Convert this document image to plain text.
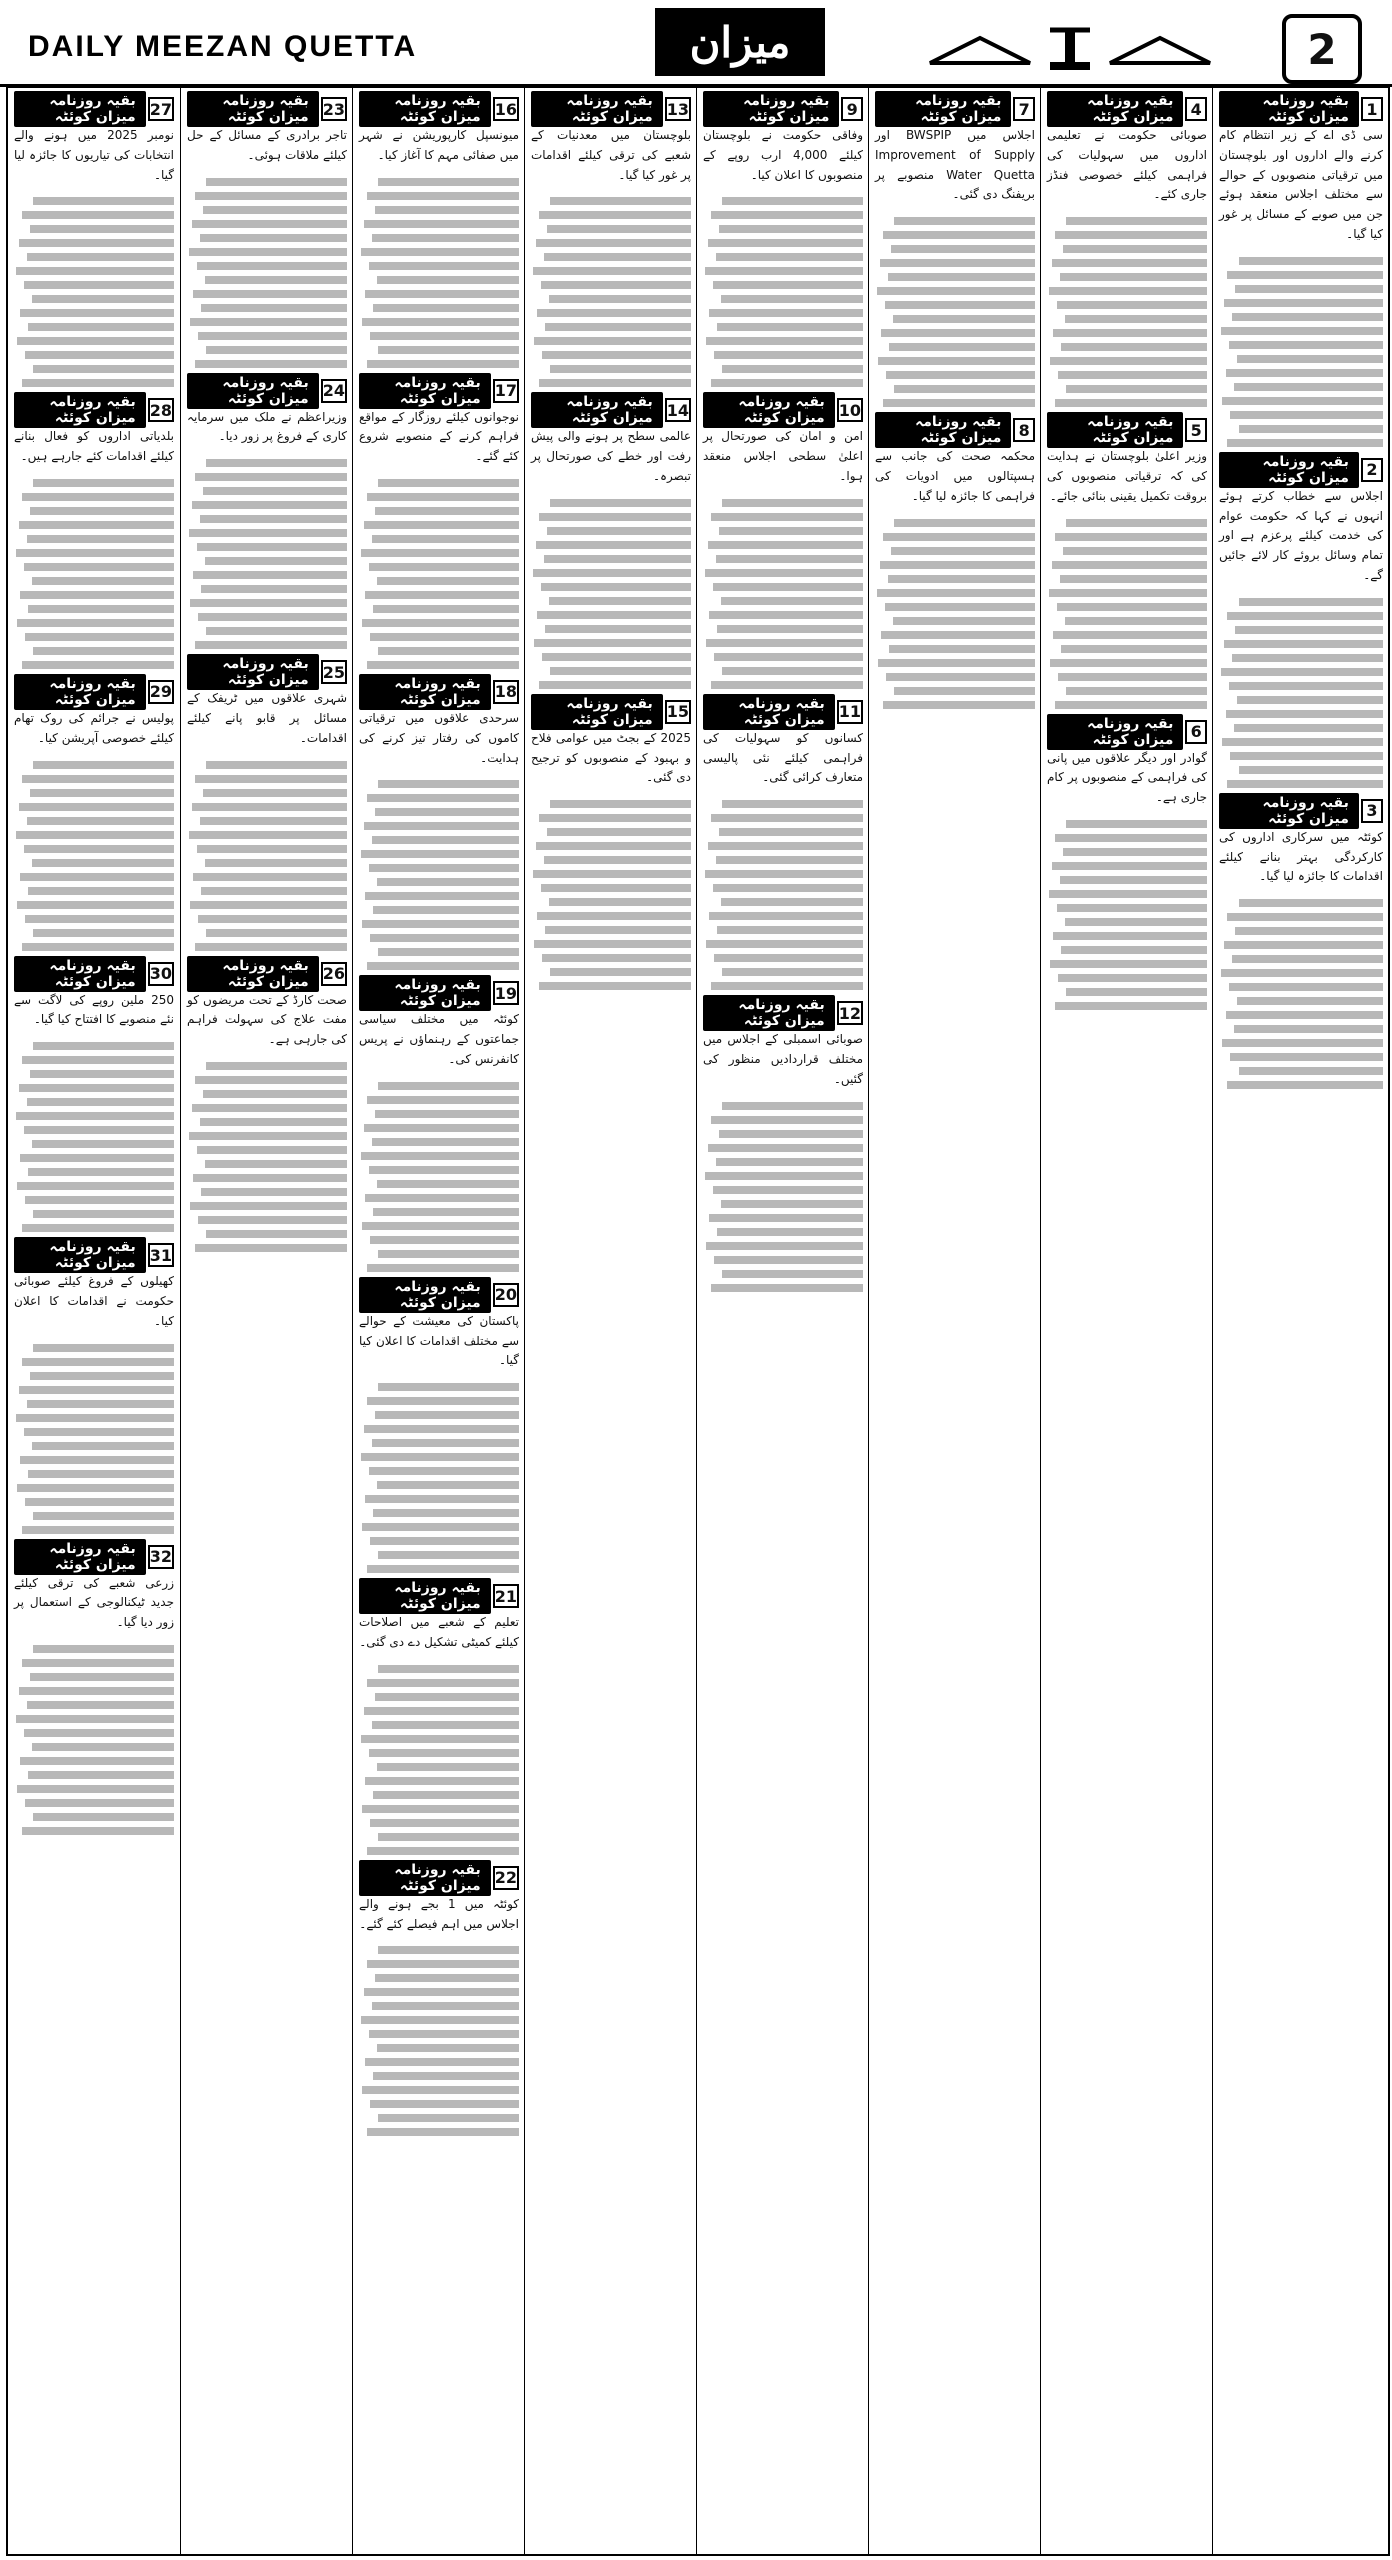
DAILY MEEZAN QUETTA	میزان	2
27
بقیہ روزنامہ میزان کوئٹہ
نومبر 2025 میں ہونے والے انتخابات کی تیاریوں کا جائزہ لیا گیا۔
28
بقیہ روزنامہ میزان کوئٹہ
بلدیاتی اداروں کو فعال بنانے کیلئے اقدامات کئے جارہے ہیں۔
29
بقیہ روزنامہ میزان کوئٹہ
پولیس نے جرائم کی روک تھام کیلئے خصوصی آپریشن کیا۔
30
بقیہ روزنامہ میزان کوئٹہ
250 ملین روپے کی لاگت سے نئے منصوبے کا افتتاح کیا گیا۔
31
بقیہ روزنامہ میزان کوئٹہ
کھیلوں کے فروغ کیلئے صوبائی حکومت نے اقدامات کا اعلان کیا۔
32
بقیہ روزنامہ میزان کوئٹہ
زرعی شعبے کی ترقی کیلئے جدید ٹیکنالوجی کے استعمال پر زور دیا گیا۔
23
بقیہ روزنامہ میزان کوئٹہ
تاجر برادری کے مسائل کے حل کیلئے ملاقات ہوئی۔
24
بقیہ روزنامہ میزان کوئٹہ
وزیراعظم نے ملک میں سرمایہ کاری کے فروغ پر زور دیا۔
25
بقیہ روزنامہ میزان کوئٹہ
شہری علاقوں میں ٹریفک کے مسائل پر قابو پانے کیلئے اقدامات۔
26
بقیہ روزنامہ میزان کوئٹہ
صحت کارڈ کے تحت مریضوں کو مفت علاج کی سہولت فراہم کی جارہی ہے۔
16
بقیہ روزنامہ میزان کوئٹہ
میونسپل کارپوریشن نے شہر میں صفائی مہم کا آغاز کیا۔
17
بقیہ روزنامہ میزان کوئٹہ
نوجوانوں کیلئے روزگار کے مواقع فراہم کرنے کے منصوبے شروع کئے گئے۔
18
بقیہ روزنامہ میزان کوئٹہ
سرحدی علاقوں میں ترقیاتی کاموں کی رفتار تیز کرنے کی ہدایت۔
19
بقیہ روزنامہ میزان کوئٹہ
کوئٹہ میں مختلف سیاسی جماعتوں کے رہنماؤں نے پریس کانفرنس کی۔
20
بقیہ روزنامہ میزان کوئٹہ
پاکستان کی معیشت کے حوالے سے مختلف اقدامات کا اعلان کیا گیا۔
21
بقیہ روزنامہ میزان کوئٹہ
تعلیم کے شعبے میں اصلاحات کیلئے کمیٹی تشکیل دے دی گئی۔
22
بقیہ روزنامہ میزان کوئٹہ
کوئٹہ میں 1 بجے ہونے والے اجلاس میں اہم فیصلے کئے گئے۔
13
بقیہ روزنامہ میزان کوئٹہ
بلوچستان میں معدنیات کے شعبے کی ترقی کیلئے اقدامات پر غور کیا گیا۔
14
بقیہ روزنامہ میزان کوئٹہ
عالمی سطح پر ہونے والی پیش رفت اور خطے کی صورتحال پر تبصرہ۔
15
بقیہ روزنامہ میزان کوئٹہ
2025 کے بجٹ میں عوامی فلاح و بہبود کے منصوبوں کو ترجیح دی گئی۔
9
بقیہ روزنامہ میزان کوئٹہ
وفاقی حکومت نے بلوچستان کیلئے 4,000 ارب روپے کے منصوبوں کا اعلان کیا۔
10
بقیہ روزنامہ میزان کوئٹہ
امن و امان کی صورتحال پر اعلیٰ سطحی اجلاس منعقد ہوا۔
11
بقیہ روزنامہ میزان کوئٹہ
کسانوں کو سہولیات کی فراہمی کیلئے نئی پالیسی متعارف کرائی گئی۔
12
بقیہ روزنامہ میزان کوئٹہ
صوبائی اسمبلی کے اجلاس میں مختلف قراردادیں منظور کی گئیں۔
7
بقیہ روزنامہ میزان کوئٹہ
اجلاس میں BWSPIP اور Improvement of Supply Water Quetta منصوبے پر بریفنگ دی گئی۔
8
بقیہ روزنامہ میزان کوئٹہ
محکمہ صحت کی جانب سے ہسپتالوں میں ادویات کی فراہمی کا جائزہ لیا گیا۔
4
بقیہ روزنامہ میزان کوئٹہ
صوبائی حکومت نے تعلیمی اداروں میں سہولیات کی فراہمی کیلئے خصوصی فنڈز جاری کئے۔
5
بقیہ روزنامہ میزان کوئٹہ
وزیر اعلیٰ بلوچستان نے ہدایت کی کہ ترقیاتی منصوبوں کی بروقت تکمیل یقینی بنائی جائے۔
6
بقیہ روزنامہ میزان کوئٹہ
گوادر اور دیگر علاقوں میں پانی کی فراہمی کے منصوبوں پر کام جاری ہے۔
1
بقیہ روزنامہ میزان کوئٹہ
سی ڈی اے کے زیر انتظام کام کرنے والے اداروں اور بلوچستان میں ترقیاتی منصوبوں کے حوالے سے مختلف اجلاس منعقد ہوئے جن میں صوبے کے مسائل پر غور کیا گیا۔
2
بقیہ روزنامہ میزان کوئٹہ
اجلاس سے خطاب کرتے ہوئے انہوں نے کہا کہ حکومت عوام کی خدمت کیلئے پرعزم ہے اور تمام وسائل بروئے کار لائے جائیں گے۔
3
بقیہ روزنامہ میزان کوئٹہ
کوئٹہ میں سرکاری اداروں کی کارکردگی بہتر بنانے کیلئے اقدامات کا جائزہ لیا گیا۔
